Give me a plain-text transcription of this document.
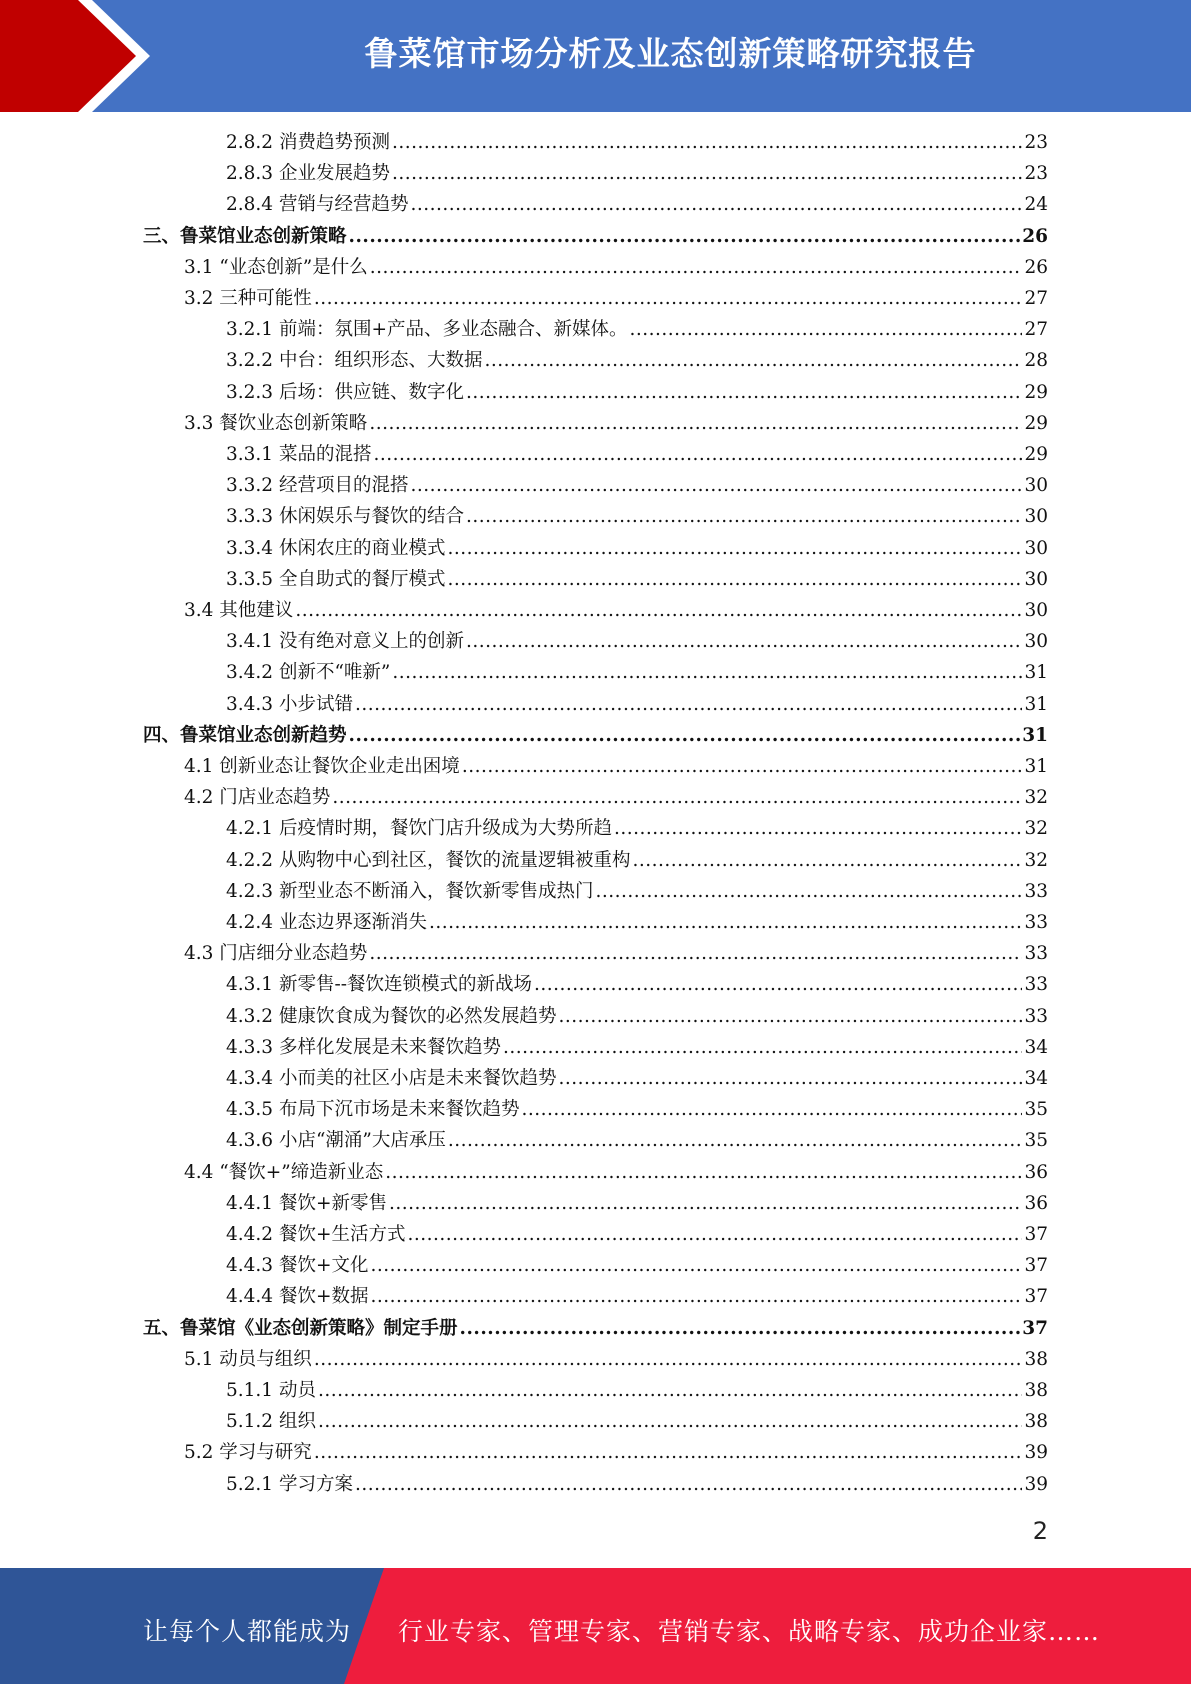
鲁菜馆市场分析及业态创新策略研究报告
2.8.2 消费趋势预测 .....	23
2.8.3 企业发展趋势 .....	23
2.8.4 营销与经营趋势 .....	24
三、鲁菜馆业态创新策略 .....	26
3.1 “业态创新”是什么 .....	26
3.2 三种可能性 .....	27
3.2.1 前端：氛围+产品、多业态融合、新媒体。 .....	27
3.2.2 中台：组织形态、大数据 .....	28
3.2.3 后场：供应链、数字化 .....	29
3.3 餐饮业态创新策略 .....	29
3.3.1 菜品的混搭 .....	29
3.3.2 经营项目的混搭 .....	30
3.3.3 休闲娱乐与餐饮的结合 .....	30
3.3.4 休闲农庄的商业模式 .....	30
3.3.5 全自助式的餐厅模式 .....	30
3.4 其他建议 .....	30
3.4.1 没有绝对意义上的创新 .....	30
3.4.2 创新不“唯新” .....	31
3.4.3 小步试错 .....	31
四、鲁菜馆业态创新趋势 .....	31
4.1 创新业态让餐饮企业走出困境 .....	31
4.2 门店业态趋势 .....	32
4.2.1 后疫情时期，餐饮门店升级成为大势所趋 .....	32
4.2.2 从购物中心到社区，餐饮的流量逻辑被重构 .....	32
4.2.3 新型业态不断涌入，餐饮新零售成热门 .....	33
4.2.4 业态边界逐渐消失 .....	33
4.3 门店细分业态趋势 .....	33
4.3.1 新零售--餐饮连锁模式的新战场 .....	33
4.3.2 健康饮食成为餐饮的必然发展趋势 .....	33
4.3.3 多样化发展是未来餐饮趋势 .....	34
4.3.4 小而美的社区小店是未来餐饮趋势 .....	34
4.3.5 布局下沉市场是未来餐饮趋势 .....	35
4.3.6 小店“潮涌”大店承压 .....	35
4.4 “餐饮+”缔造新业态 .....	36
4.4.1 餐饮+新零售 .....	36
4.4.2 餐饮+生活方式 .....	37
4.4.3 餐饮+文化 .....	37
4.4.4 餐饮+数据 .....	37
五、鲁菜馆《业态创新策略》制定手册 .....	37
5.1 动员与组织 .....	38
5.1.1 动员 .....	38
5.1.2 组织 .....	38
5.2 学习与研究 .....	39
5.2.1 学习方案 .....	39
2
让每个人都能成为 行业专家、管理专家、营销专家、战略专家、成功企业家……
